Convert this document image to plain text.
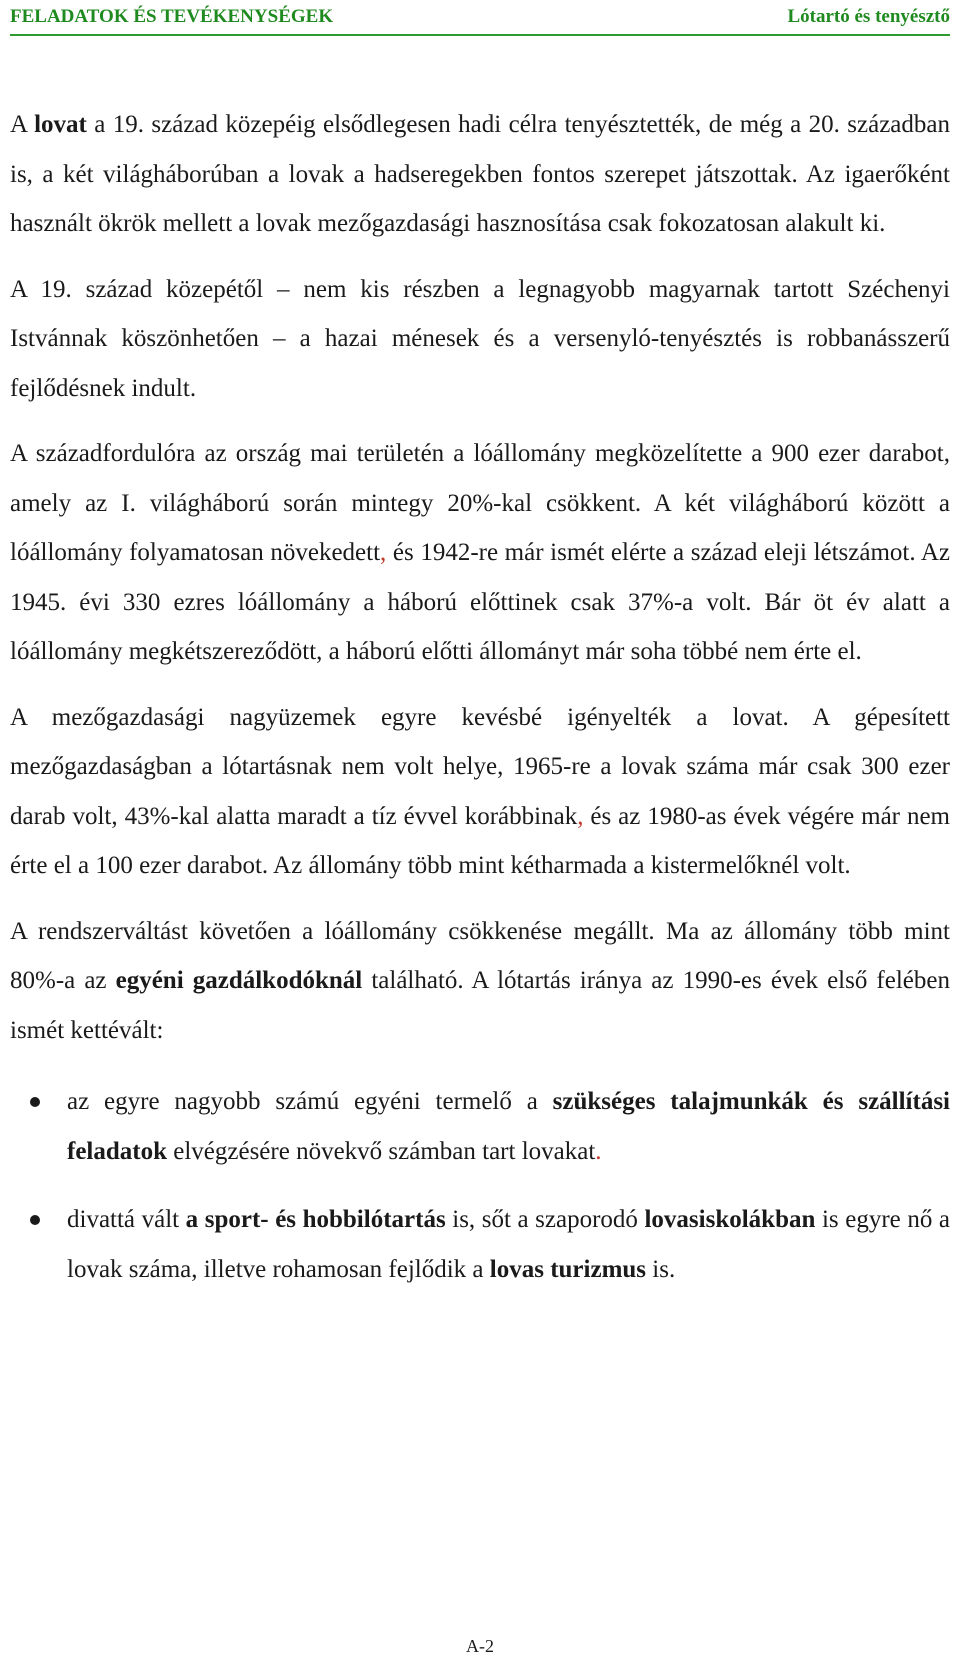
FELADATOK ÉS TEVÉKENYSÉGEK	Lótartó és tenyésztő

A lovat a 19. század közepéig elsődlegesen hadi célra tenyésztették, de még a 20. században is, a két világháborúban a lovak a hadseregekben fontos szerepet játszottak. Az igaerőként használt ökrök mellett a lovak mezőgazdasági hasznosítása csak fokozatosan alakult ki.

A 19. század közepétől – nem kis részben a legnagyobb magyarnak tartott Széchenyi Istvánnak köszönhetően – a hazai ménesek és a versenyló-tenyésztés is robbanásszerű fejlődésnek indult.

A századfordulóra az ország mai területén a lóállomány megközelítette a 900 ezer darabot, amely az I. világháború során mintegy 20%-kal csökkent. A két világháború között a lóállomány folyamatosan növekedett, és 1942-re már ismét elérte a század eleji létszámot. Az 1945. évi 330 ezres lóállomány a háború előttinek csak 37%-a volt. Bár öt év alatt a lóállomány megkétszereződött, a háború előtti állományt már soha többé nem érte el.

A mezőgazdasági nagyüzemek egyre kevésbé igényelték a lovat. A gépesített mezőgazdaságban a lótartásnak nem volt helye, 1965-re a lovak száma már csak 300 ezer darab volt, 43%-kal alatta maradt a tíz évvel korábbinak, és az 1980-as évek végére már nem érte el a 100 ezer darabot. Az állomány több mint kétharmada a kistermelőknél volt.

A rendszerváltást követően a lóállomány csökkenése megállt. Ma az állomány több mint 80%-a az egyéni gazdálkodóknál található. A lótartás iránya az 1990-es évek első felében ismét kettévált:

az egyre nagyobb számú egyéni termelő a szükséges talajmunkák és szállítási feladatok elvégzésére növekvő számban tart lovakat.
divattá vált a sport- és hobbilótartás is, sőt a szaporodó lovasiskolákban is egyre nő a lovak száma, illetve rohamosan fejlődik a lovas turizmus is.
A-2
